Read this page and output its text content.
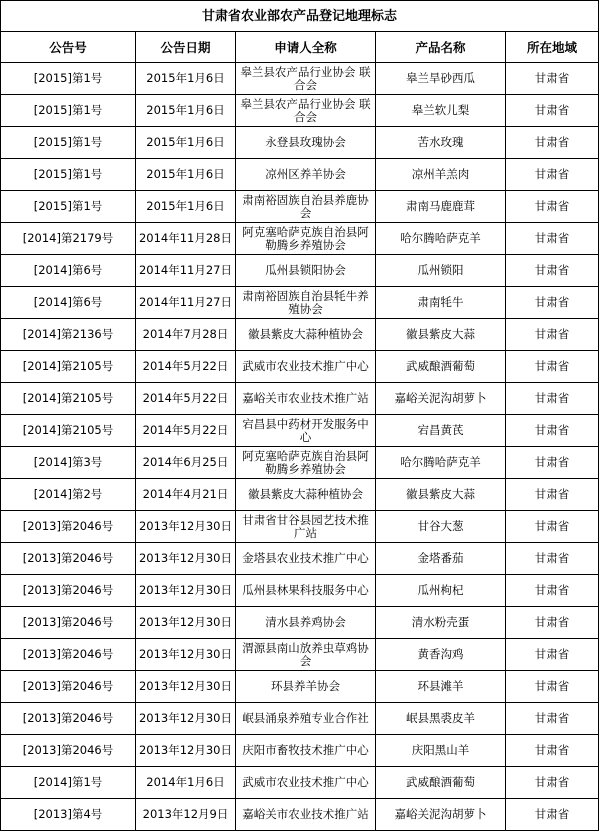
甘肃省农业部农产品登记地理标志				
公告号	公告日期	申请人全称	产品名称	所在地域
[2015]第1号	2015年1月6日	皋兰县农产品行业协会 联合会	皋兰旱砂西瓜	甘肃省
[2015]第1号	2015年1月6日	皋兰县农产品行业协会 联合会	皋兰软儿梨	甘肃省
[2015]第1号	2015年1月6日	永登县玫瑰协会	苦水玫瑰	甘肃省
[2015]第1号	2015年1月6日	凉州区养羊协会	凉州羊羔肉	甘肃省
[2015]第1号	2015年1月6日	肃南裕固族自治县养鹿协会	肃南马鹿鹿茸	甘肃省
[2014]第2179号	2014年11月28日	阿克塞哈萨克族自治县阿勒腾乡养殖协会	哈尔腾哈萨克羊	甘肃省
[2014]第6号	2014年11月27日	瓜州县锁阳协会	瓜州锁阳	甘肃省
[2014]第6号	2014年11月27日	肃南裕固族自治县牦牛养殖协会	肃南牦牛	甘肃省
[2014]第2136号	2014年7月28日	徽县紫皮大蒜种植协会	徽县紫皮大蒜	甘肃省
[2014]第2105号	2014年5月22日	武威市农业技术推广中心	武威酿酒葡萄	甘肃省
[2014]第2105号	2014年5月22日	嘉峪关市农业技术推广站	嘉峪关泥沟胡萝卜	甘肃省
[2014]第2105号	2014年5月22日	宕昌县中药材开发服务中心	宕昌黄芪	甘肃省
[2014]第3号	2014年6月25日	阿克塞哈萨克族自治县阿勒腾乡养殖协会	哈尔腾哈萨克羊	甘肃省
[2014]第2号	2014年4月21日	徽县紫皮大蒜种植协会	徽县紫皮大蒜	甘肃省
[2013]第2046号	2013年12月30日	甘肃省甘谷县园艺技术推广站	甘谷大葱	甘肃省
[2013]第2046号	2013年12月30日	金塔县农业技术推广中心	金塔番茄	甘肃省
[2013]第2046号	2013年12月30日	瓜州县林果科技服务中心	瓜州枸杞	甘肃省
[2013]第2046号	2013年12月30日	清水县养鸡协会	清水粉壳蛋	甘肃省
[2013]第2046号	2013年12月30日	渭源县南山放养虫草鸡协会	黄香沟鸡	甘肃省
[2013]第2046号	2013年12月30日	环县养羊协会	环县滩羊	甘肃省
[2013]第2046号	2013年12月30日	岷县涌泉养殖专业合作社	岷县黑裘皮羊	甘肃省
[2013]第2046号	2013年12月30日	庆阳市畜牧技术推广中心	庆阳黑山羊	甘肃省
[2014]第1号	2014年1月6日	武威市农业技术推广中心	武威酿酒葡萄	甘肃省
[2013]第4号	2013年12月9日	嘉峪关市农业技术推广站	嘉峪关泥沟胡萝卜	甘肃省
